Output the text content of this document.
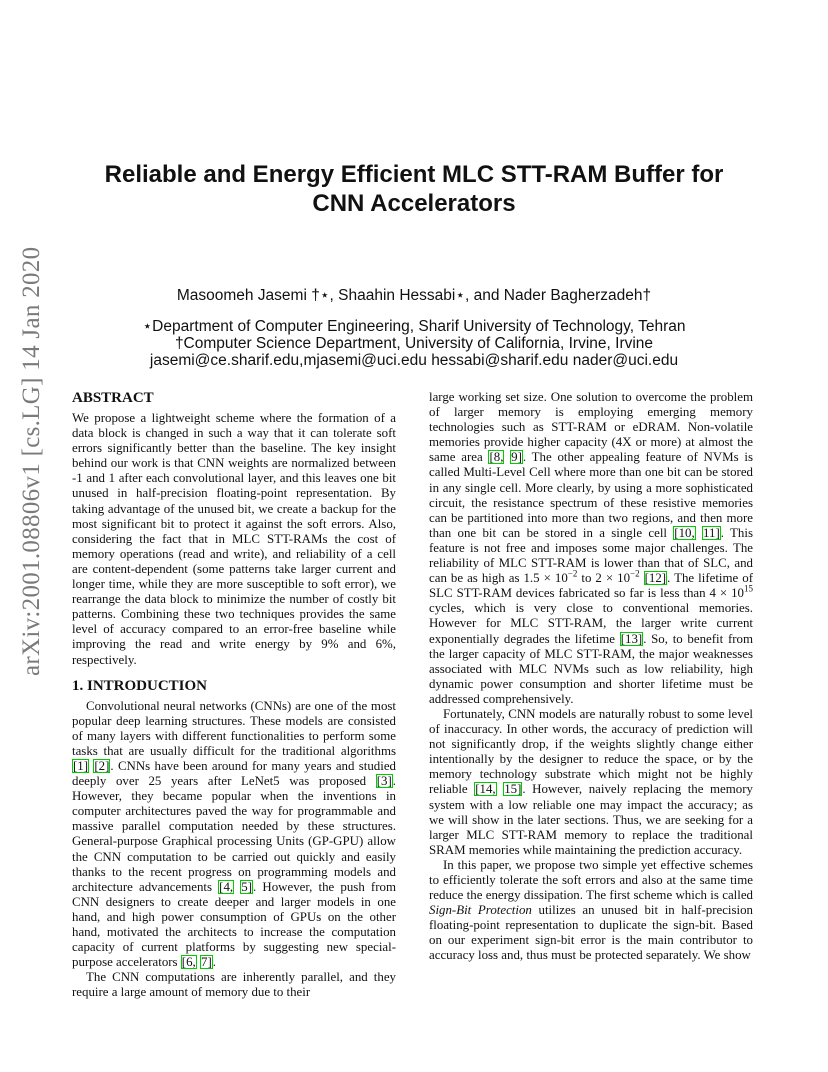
arXiv:2001.08806v1 [cs.LG] 14 Jan 2020
Reliable and Energy Efficient MLC STT-RAM Buffer for
CNN Accelerators
Masoomeh Jasemi †⋆, Shaahin Hessabi⋆, and Nader Bagherzadeh†
⋆Department of Computer Engineering, Sharif University of Technology, Tehran
†Computer Science Department, University of California, Irvine, Irvine
jasemi@ce.sharif.edu,mjasemi@uci.edu hessabi@sharif.edu nader@uci.edu
ABSTRACT

We propose a lightweight scheme where the formation of a data block is changed in such a way that it can tolerate soft errors significantly better than the baseline. The key insight behind our work is that CNN weights are normalized between -1 and 1 after each convolutional layer, and this leaves one bit unused in half-precision floating-point representation. By taking advantage of the unused bit, we create a backup for the most significant bit to protect it against the soft errors. Also, considering the fact that in MLC STT-RAMs the cost of memory operations (read and write), and reliability of a cell are content-dependent (some patterns take larger current and longer time, while they are more susceptible to soft error), we rearrange the data block to minimize the number of costly bit patterns. Combining these two techniques provides the same level of accuracy compared to an error-free baseline while improving the read and write energy by 9% and 6%, respectively.

1. INTRODUCTION

Convolutional neural networks (CNNs) are one of the most popular deep learning structures. These models are consisted of many layers with different functionalities to perform some tasks that are usually difficult for the traditional algorithms [1] [2]. CNNs have been around for many years and studied deeply over 25 years after LeNet5 was proposed [3]. However, they became popular when the inventions in computer architectures paved the way for programmable and massive parallel computation needed by these structures. General-purpose Graphical processing Units (GP-GPU) allow the CNN computation to be carried out quickly and easily thanks to the recent progress on programming models and architecture advancements [4, 5]. However, the push from CNN designers to create deeper and larger models in one hand, and high power consumption of GPUs on the other hand, motivated the architects to increase the computation capacity of current platforms by suggesting new special-purpose accelerators [6, 7].

The CNN computations are inherently parallel, and they require a large amount of memory due to their

large working set size. One solution to overcome the problem of larger memory is employing emerging memory technologies such as STT-RAM or eDRAM. Non-volatile memories provide higher capacity (4X or more) at almost the same area [8, 9]. The other appealing feature of NVMs is called Multi-Level Cell where more than one bit can be stored in any single cell. More clearly, by using a more sophisticated circuit, the resistance spectrum of these resistive memories can be partitioned into more than two regions, and then more than one bit can be stored in a single cell [10, 11]. This feature is not free and imposes some major challenges. The reliability of MLC STT-RAM is lower than that of SLC, and can be as high as $1.5 \times 10^{-2}$ to $2 \times 10^{-2}$ [12]. The lifetime of SLC STT-RAM devices fabricated so far is less than $4 \times 10^{15}$ cycles, which is very close to conventional memories. However for MLC STT-RAM, the larger write current exponentially degrades the lifetime [13]. So, to benefit from the larger capacity of MLC STT-RAM, the major weaknesses associated with MLC NVMs such as low reliability, high dynamic power consumption and shorter lifetime must be addressed comprehensively.

Fortunately, CNN models are naturally robust to some level of inaccuracy. In other words, the accuracy of prediction will not significantly drop, if the weights slightly change either intentionally by the designer to reduce the space, or by the memory technology substrate which might not be highly reliable [14, 15]. However, naively replacing the memory system with a low reliable one may impact the accuracy; as we will show in the later sections. Thus, we are seeking for a larger MLC STT-RAM memory to replace the traditional SRAM memories while maintaining the prediction accuracy.

In this paper, we propose two simple yet effective schemes to efficiently tolerate the soft errors and also at the same time reduce the energy dissipation. The first scheme which is called Sign-Bit Protection utilizes an unused bit in half-precision floating-point representation to duplicate the sign-bit. Based on our experiment sign-bit error is the main contributor to accuracy loss and, thus must be protected separately. We show
